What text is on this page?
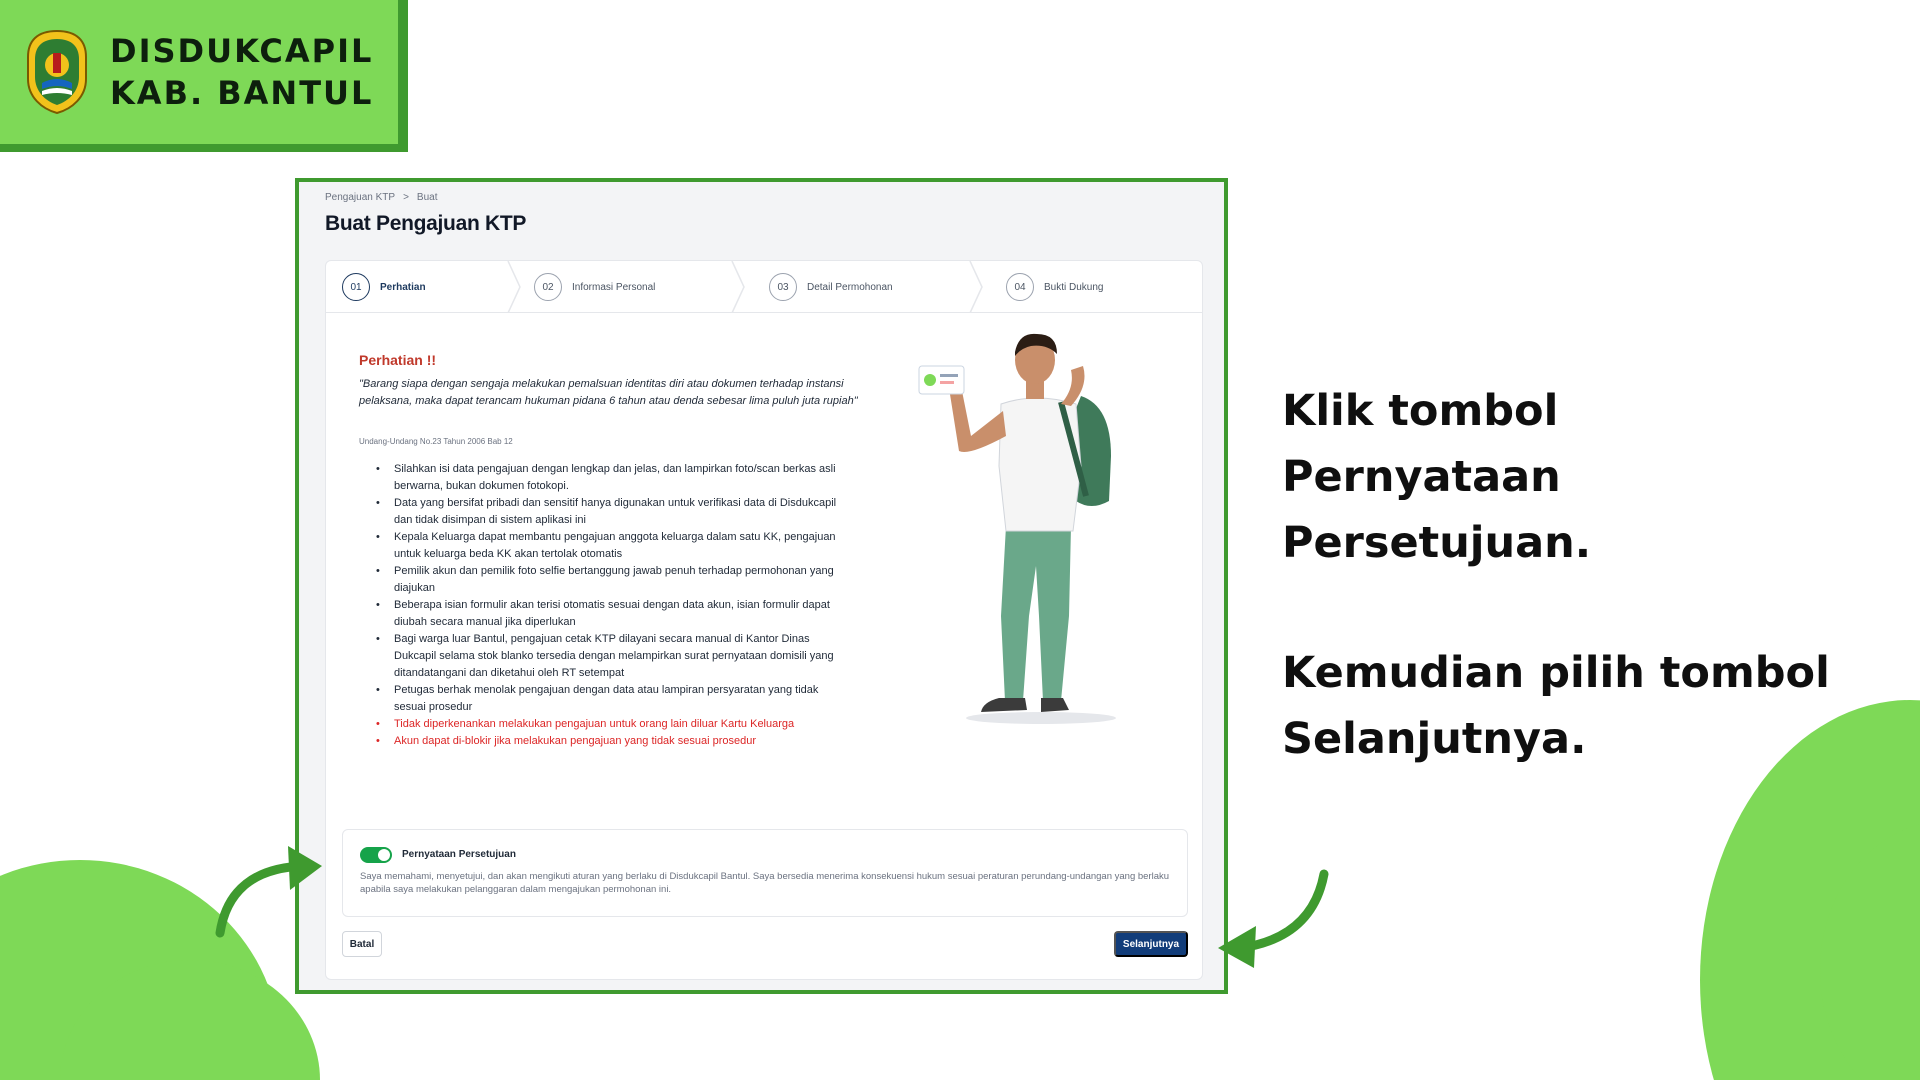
DISDUKCAPIL
KAB. BANTUL
Pengajuan KTP > Buat
Buat Pengajuan KTP
01	Perhatian	02	Informasi Personal	03	Detail Permohonan	04	Bukti Dukung
Perhatian !!
"Barang siapa dengan sengaja melakukan pemalsuan identitas diri atau dokumen terhadap instansi pelaksana, maka dapat terancam hukuman pidana 6 tahun atau denda sebesar lima puluh juta rupiah"
Undang-Undang No.23 Tahun 2006 Bab 12
• Silahkan isi data pengajuan dengan lengkap dan jelas, dan lampirkan foto/scan berkas asli berwarna, bukan dokumen fotokopi.
• Data yang bersifat pribadi dan sensitif hanya digunakan untuk verifikasi data di Disdukcapil dan tidak disimpan di sistem aplikasi ini
• Kepala Keluarga dapat membantu pengajuan anggota keluarga dalam satu KK, pengajuan untuk keluarga beda KK akan tertolak otomatis
• Pemilik akun dan pemilik foto selfie bertanggung jawab penuh terhadap permohonan yang diajukan
• Beberapa isian formulir akan terisi otomatis sesuai dengan data akun, isian formulir dapat diubah secara manual jika diperlukan
• Bagi warga luar Bantul, pengajuan cetak KTP dilayani secara manual di Kantor Dinas Dukcapil selama stok blanko tersedia dengan melampirkan surat pernyataan domisili yang ditandatangani dan diketahui oleh RT setempat
• Petugas berhak menolak pengajuan dengan data atau lampiran persyaratan yang tidak sesuai prosedur
• Tidak diperkenankan melakukan pengajuan untuk orang lain diluar Kartu Keluarga
• Akun dapat di-blokir jika melakukan pengajuan yang tidak sesuai prosedur
Pernyataan Persetujuan
Saya memahami, menyetujui, dan akan mengikuti aturan yang berlaku di Disdukcapil Bantul. Saya bersedia menerima konsekuensi hukum sesuai peraturan perundang-undangan yang berlaku apabila saya melakukan pelanggaran dalam mengajukan permohonan ini.
Batal	Selanjutnya

Klik tombol Pernyataan
Persetujuan.

Kemudian pilih tombol
Selanjutnya.
